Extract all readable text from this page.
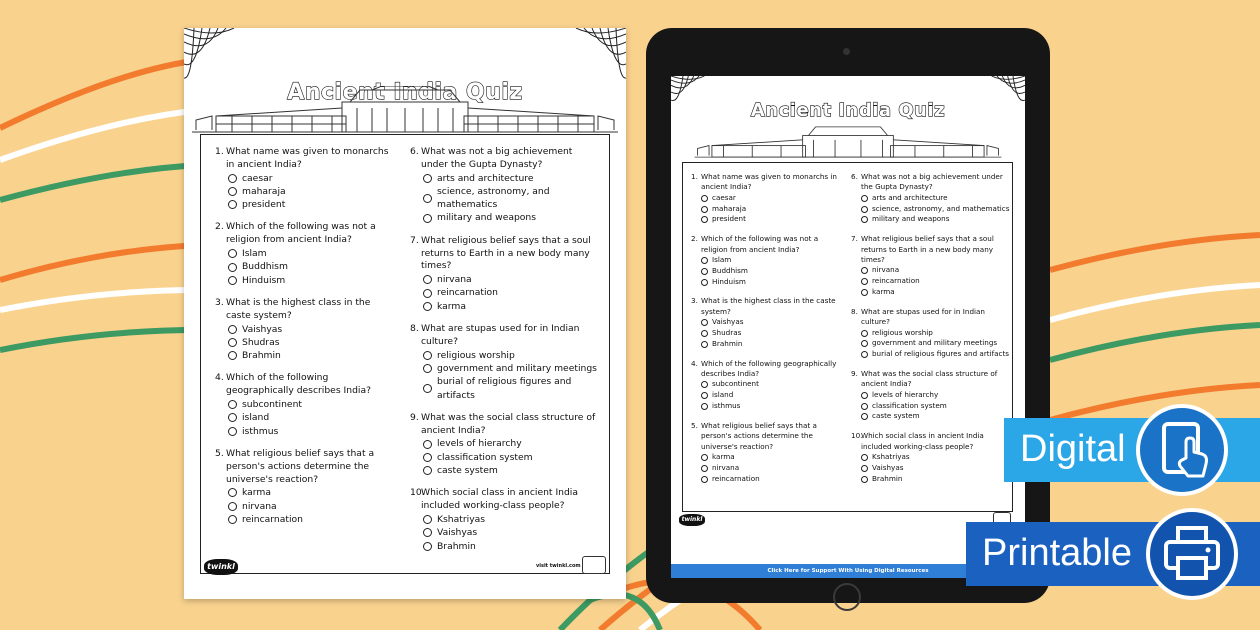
Ancient India Quiz
1. What name was given to monarchs in ancient India?
caesar
maharaja
president
2. Which of the following was not a religion from ancient India?
Islam
Buddhism
Hinduism
3. What is the highest class in the caste system?
Vaishyas
Shudras
Brahmin
4. Which of the following geographically describes India?
subcontinent
island
isthmus
5. What religious belief says that a person's actions determine the universe's reaction?
karma
nirvana
reincarnation
6. What was not a big achievement under the Gupta Dynasty?
arts and architecture
science, astronomy, and mathematics
military and weapons
7. What religious belief says that a soul returns to Earth in a new body many times?
nirvana
reincarnation
karma
8. What are stupas used for in Indian culture?
religious worship
government and military meetings
burial of religious figures and artifacts
9. What was the social class structure of ancient India?
levels of hierarchy
classification system
caste system
10.
Which social class in ancient India included working-class people?
Kshatriyas
Vaishyas
Brahmin
twinkl	visit twinkl.com
Ancient India Quiz
1. What name was given to monarchs in ancient India?
caesar
maharaja
president
2. Which of the following was not a religion from ancient India?
Islam
Buddhism
Hinduism
3. What is the highest class in the caste system?
Vaishyas
Shudras
Brahmin
4. Which of the following geographically describes India?
subcontinent
island
isthmus
5. What religious belief says that a person's actions determine the universe's reaction?
karma
nirvana
reincarnation
6. What was not a big achievement under the Gupta Dynasty?
arts and architecture
science, astronomy, and mathematics
military and weapons
7. What religious belief says that a soul returns to Earth in a new body many times?
nirvana
reincarnation
karma
8. What are stupas used for in Indian culture?
religious worship
government and military meetings
burial of religious figures and artifacts
9. What was the social class structure of ancient India?
levels of hierarchy
classification system
caste system
10.
Which social class in ancient India included working-class people?
Kshatriyas
Vaishyas
Brahmin
twinkl
Click Here for Support With Using Digital Resources
Digital
Printable
